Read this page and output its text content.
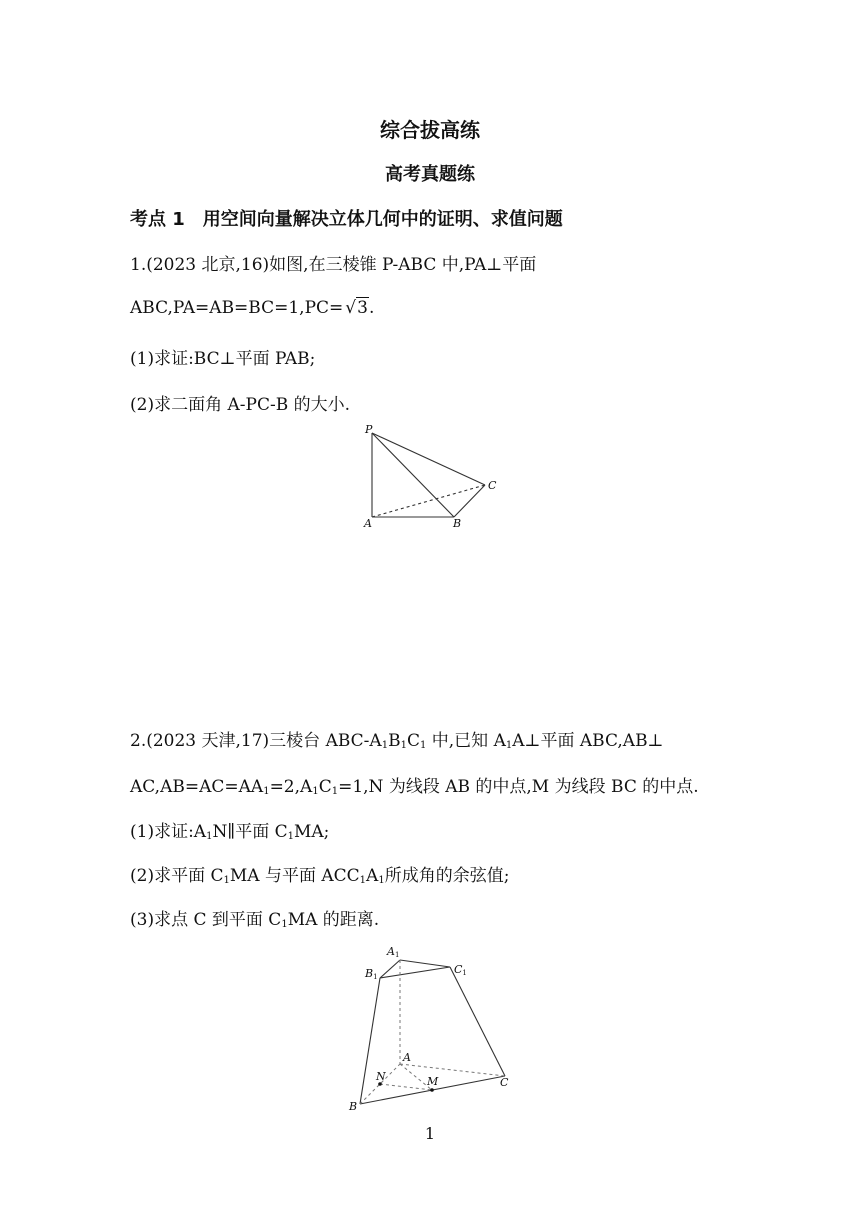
综合拔高练
高考真题练
考点 1　用空间向量解决立体几何中的证明、求值问题
1.(2023 北京,16)如图,在三棱锥 P-ABC 中,PA⊥平面
ABC,PA=AB=BC=1,PC= √3.
(1)求证:BC⊥平面 PAB;
(2)求二面角 A-PC-B 的大小.
P
A	B
C
2.(2023 天津,17)三棱台 ABC-$A_1B_1C_1$ 中,已知 $A_1A\perp$平面 ABC,AB⊥
$AC,AB=AC=AA_1=2,A_1C_1=1,N$ 为线段 AB 的中点,M 为线段 BC 的中点.
(1)求证$:A_1N\parallel$平面 $C_1MA$;
(2)求平面 $C_1MA$ 与平面 $ACC_1A_1$所成角的余弦值;
(3)求点 C 到平面 $C_1MA$ 的距离.
A1
B1
C1
A
B
C
N	M
1
